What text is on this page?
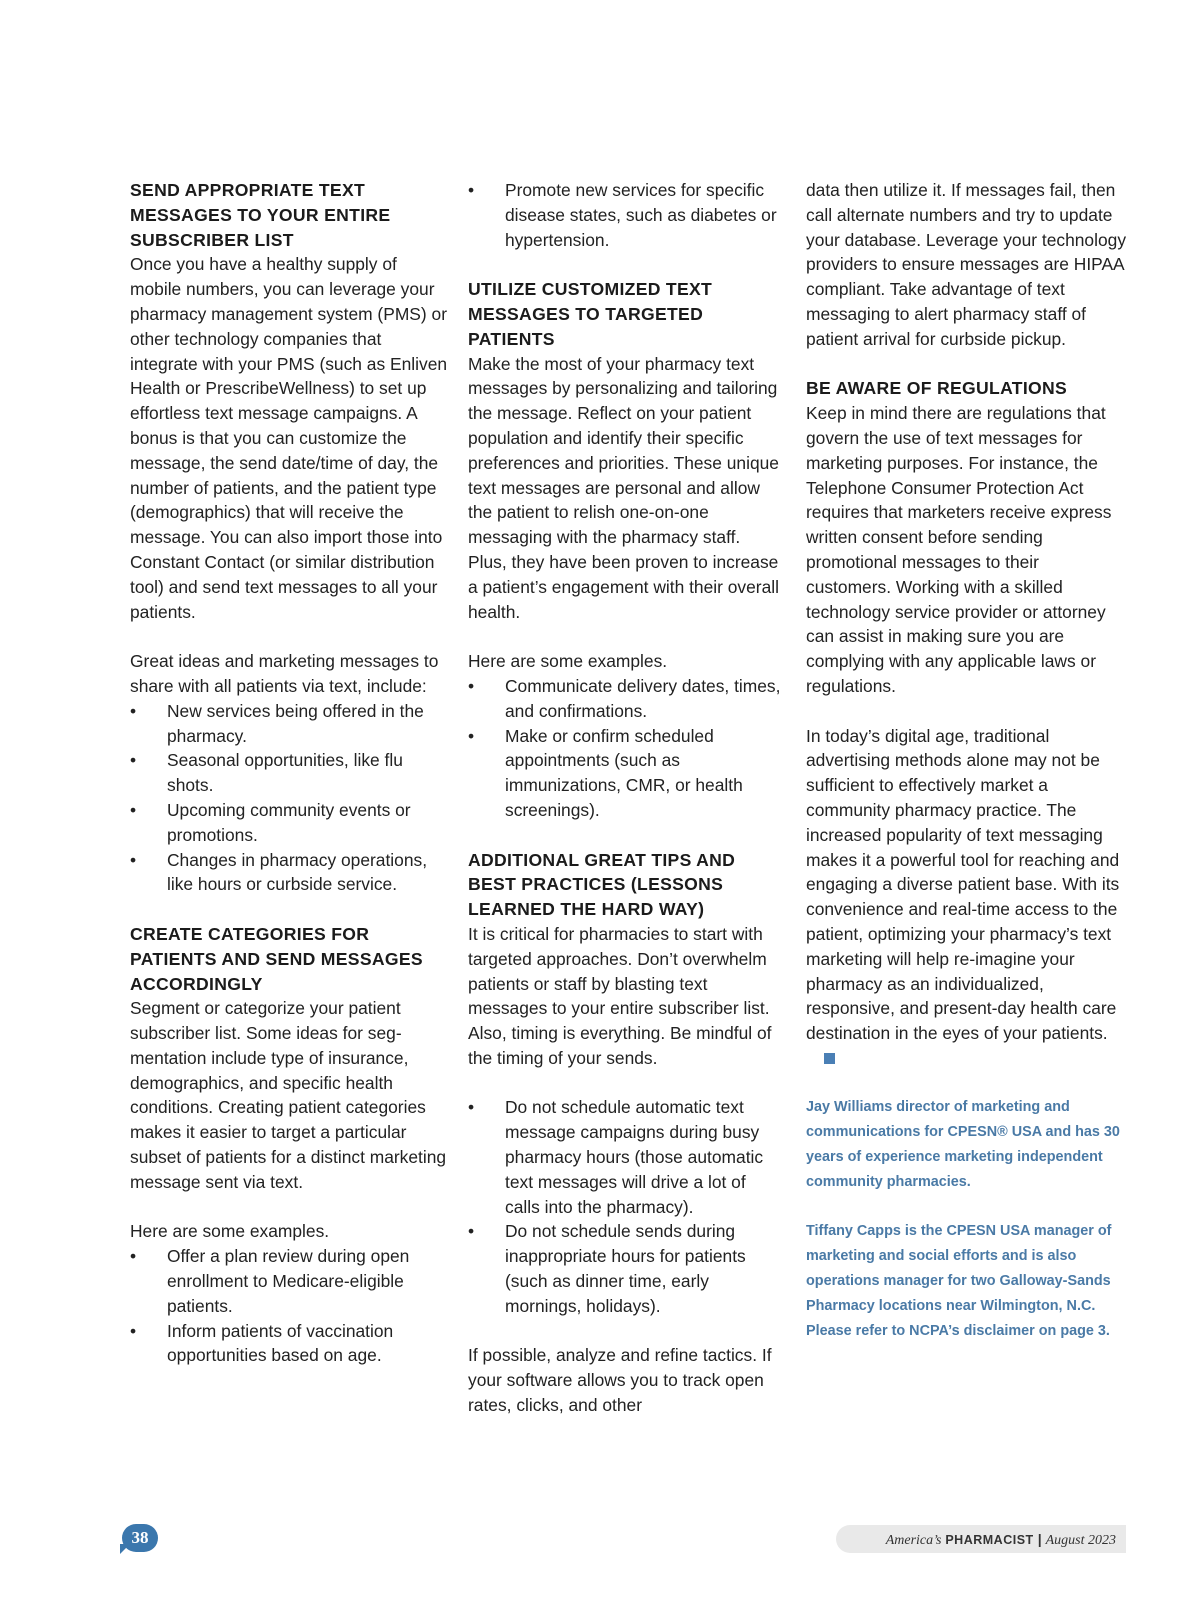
SEND APPROPRIATE TEXT MESSAGES TO YOUR ENTIRE SUBSCRIBER LIST

Once you have a healthy supply of mobile numbers, you can leverage your pharmacy management system (PMS) or other technology companies that integrate with your PMS (such as Enliven Health or PrescribeWellness) to set up effortless text message campaigns. A bonus is that you can customize the message, the send date/time of day, the number of patients, and the patient type (demographics) that will receive the message. You can also import those into Constant Contact (or similar distribution tool) and send text messages to all your patients.

Great ideas and marketing messages to share with all patients via text, include:

•	New services being offered in the pharmacy.
•	Seasonal opportunities, like flu shots.
•	Upcoming community events or promotions.
•	Changes in pharmacy operations, like hours or curbside service.
CREATE CATEGORIES FOR PATIENTS AND SEND MESSAGES ACCORDINGLY

Segment or categorize your patient subscriber list. Some ideas for segmentation include type of insurance, demographics, and specific health conditions. Creating patient categories makes it easier to target a particular subset of patients for a distinct marketing message sent via text.

Here are some examples.

•	Offer a plan review during open enrollment to Medicare-eligible patients.
•	Inform patients of vaccination opportunities based on age.
•	Promote new services for specific disease states, such as diabetes or hypertension.
UTILIZE CUSTOMIZED TEXT MESSAGES TO TARGETED PATIENTS

Make the most of your pharmacy text messages by personalizing and tailoring the message. Reflect on your patient population and identify their specific preferences and priorities. These unique text messages are personal and allow the patient to relish one-on-one messaging with the pharmacy staff. Plus, they have been proven to increase a patient’s engagement with their overall health.

Here are some examples.

•	Communicate delivery dates, times, and confirmations.
•	Make or confirm scheduled appointments (such as immunizations, CMR, or health screenings).
ADDITIONAL GREAT TIPS AND BEST PRACTICES (LESSONS LEARNED THE HARD WAY)

It is critical for pharmacies to start with targeted approaches. Don’t overwhelm patients or staff by blasting text messages to your entire subscriber list. Also, timing is everything. Be mindful of the timing of your sends.

•	Do not schedule automatic text message campaigns during busy pharmacy hours (those automatic text messages will drive a lot of calls into the pharmacy).
•	Do not schedule sends during inappropriate hours for patients (such as dinner time, early mornings, holidays).

If possible, analyze and refine tactics. If your software allows you to track open rates, clicks, and other

data then utilize it. If messages fail, then call alternate numbers and try to update your database. Leverage your technology providers to ensure messages are HIPAA compliant. Take advantage of text messaging to alert pharmacy staff of patient arrival for curbside pickup.

BE AWARE OF REGULATIONS

Keep in mind there are regulations that govern the use of text messages for marketing purposes. For instance, the Telephone Consumer Protection Act requires that marketers receive express written consent before sending promotional messages to their customers. Working with a skilled technology service provider or attorney can assist in making sure you are complying with any applicable laws or regulations.

In today’s digital age, traditional advertising methods alone may not be sufficient to effectively market a community pharmacy practice. The increased popularity of text messaging makes it a powerful tool for reaching and engaging a diverse patient base. With its convenience and real-time access to the patient, optimizing your pharmacy’s text marketing will help re-imagine your pharmacy as an individualized, responsive, and present-day health care destination in the eyes of your patients.

Jay Williams director of marketing and communications for CPESN® USA and has 30 years of experience marketing independent community pharmacies.

Tiffany Capps is the CPESN USA manager of marketing and social efforts and is also operations manager for two Galloway-Sands Pharmacy locations near Wilmington, N.C. Please refer to NCPA’s disclaimer on page 3.

38	America’s PHARMACIST | August 2023
